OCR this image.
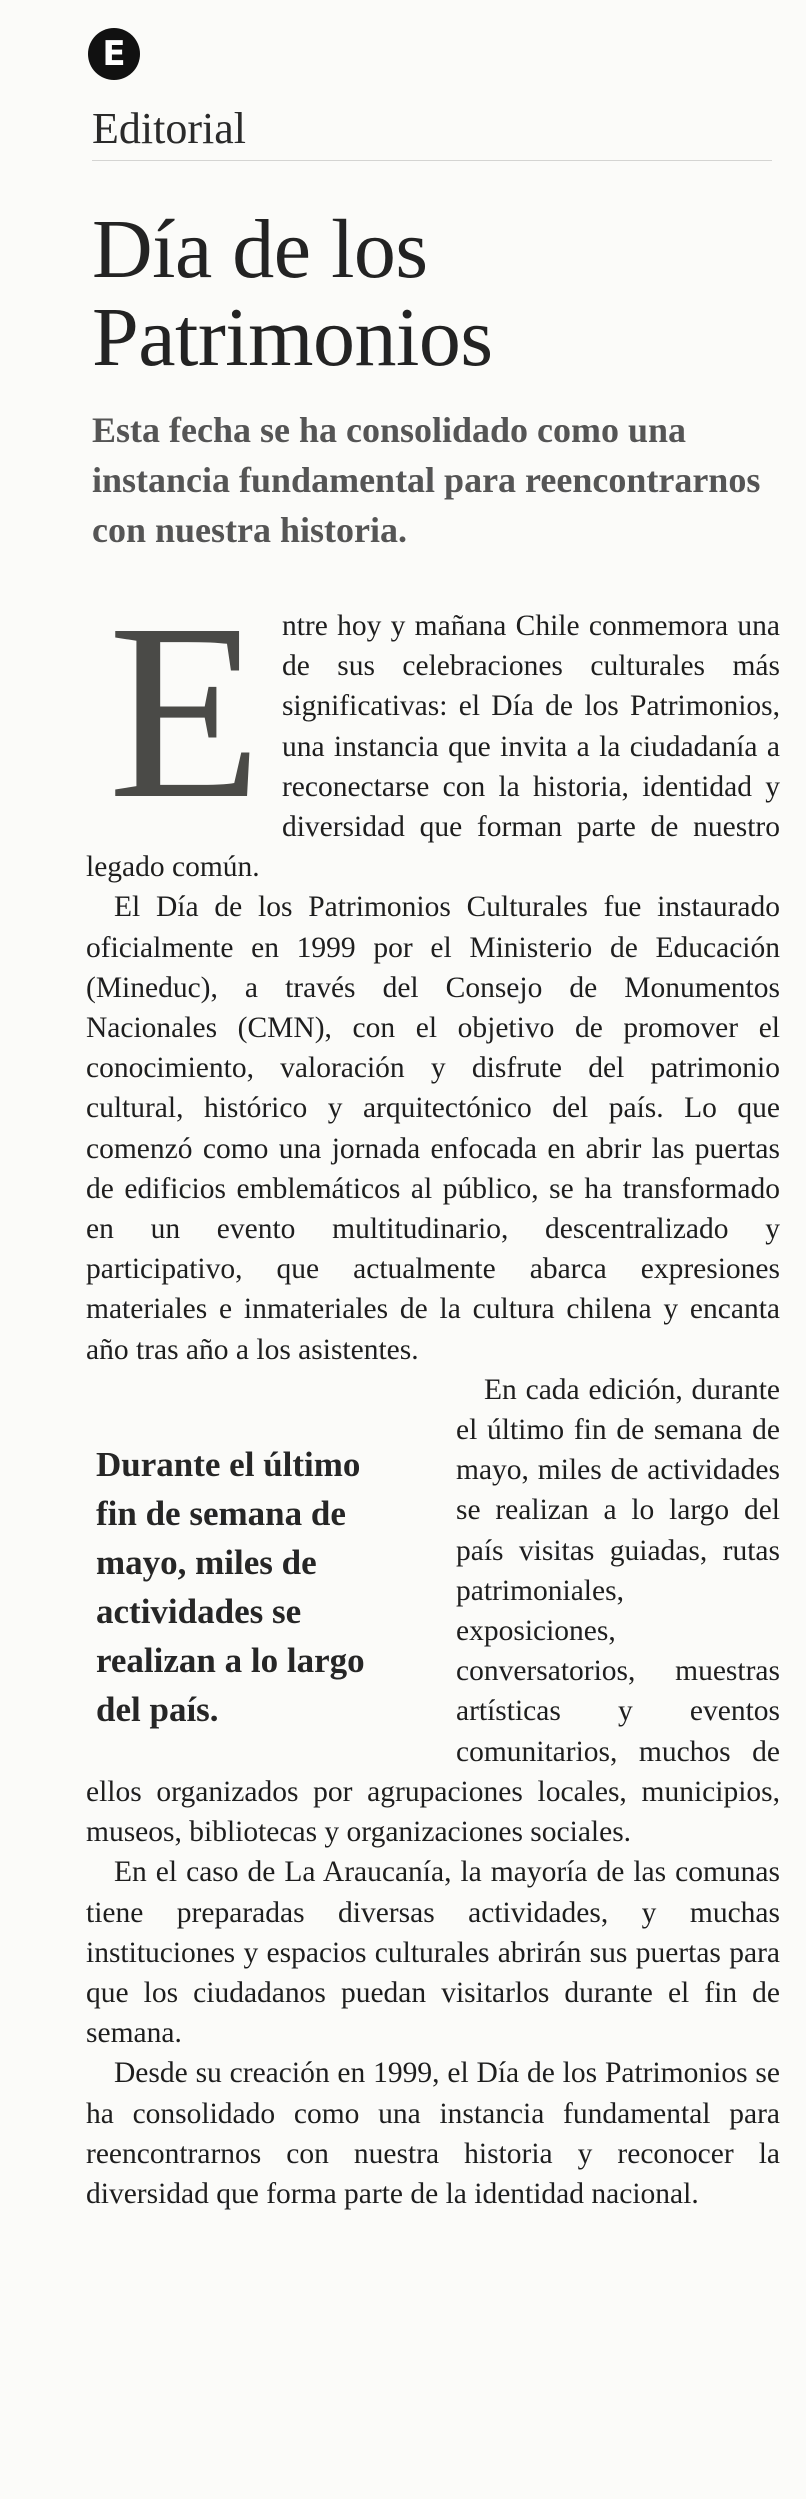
E
Editorial
Día de los Patrimonios
Esta fecha se ha consolidado como una instancia fundamental para reencontrarnos con nuestra historia.
E ntre hoy y mañana Chile conmemora una de sus celebraciones culturales más significativas: el Día de los Patrimonios, una instancia que invita a la ciudadanía a reconectarse con la historia, identidad y diversidad que forman parte de nuestro legado común.

El Día de los Patrimonios Culturales fue instaurado oficialmente en 1999 por el Ministerio de Educación (Mineduc), a través del Consejo de Monumentos Nacionales (CMN), con el objetivo de promover el conocimiento, valoración y disfrute del patrimonio cultural, histórico y arquitectónico del país. Lo que comenzó como una jornada enfocada en abrir las puertas de edificios emblemáticos al público, se ha transformado en un evento multitudinario, descentralizado y participativo, que actualmente abarca expresiones materiales e inmateriales de la cultura chilena y encanta año tras año a los asistentes.

Durante el último fin de semana de mayo, miles de actividades se realizan a lo largo del país.

En cada edición, durante el último fin de semana de mayo, miles de actividades se realizan a lo largo del país visitas guiadas, rutas patrimoniales, exposiciones, conversatorios, muestras artísticas y eventos comunitarios, muchos de ellos organizados por agrupaciones locales, municipios, museos, bibliotecas y organizaciones sociales.

En el caso de La Araucanía, la mayoría de las comunas tiene preparadas diversas actividades, y muchas instituciones y espacios culturales abrirán sus puertas para que los ciudadanos puedan visitarlos durante el fin de semana.

Desde su creación en 1999, el Día de los Patrimonios se ha consolidado como una instancia fundamental para reencontrarnos con nuestra historia y reconocer la diversidad que forma parte de la identidad nacional.
